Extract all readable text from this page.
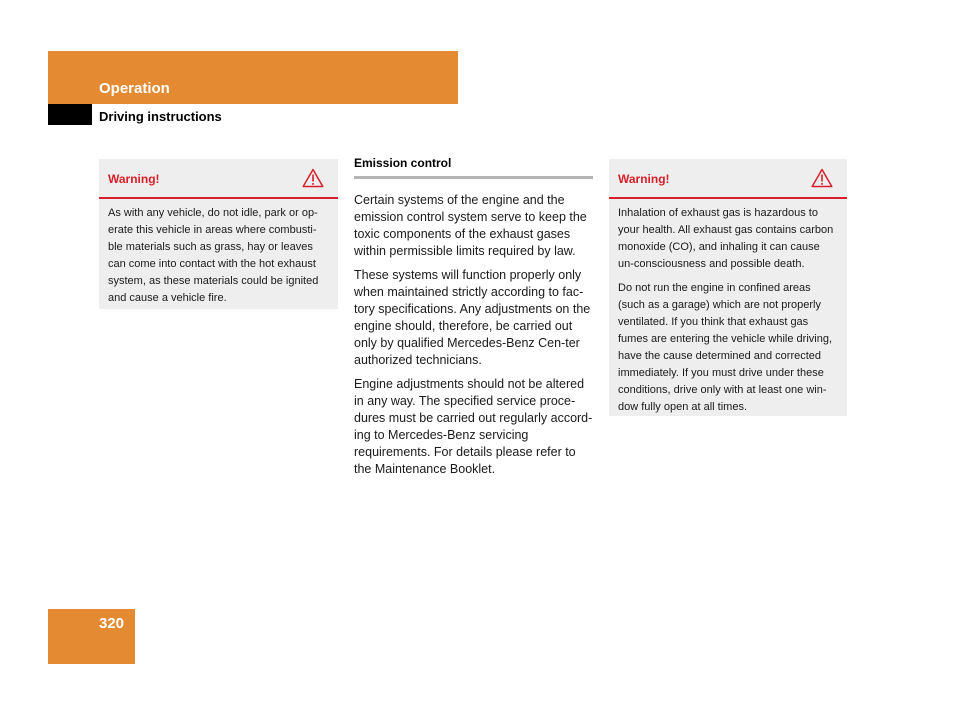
Operation
Driving instructions
Warning!

As with any vehicle, do not idle, park or op-erate this vehicle in areas where combusti-ble materials such as grass, hay or leaves can come into contact with the hot exhaust system, as these materials could be ignited and cause a vehicle fire.

Emission control

Certain systems of the engine and the emission control system serve to keep the toxic components of the exhaust gases within permissible limits required by law.

These systems will function properly only when maintained strictly according to fac-tory specifications. Any adjustments on the engine should, therefore, be carried out only by qualified Mercedes-Benz Cen-ter authorized technicians.

Engine adjustments should not be altered in any way. The specified service proce-dures must be carried out regularly accord-ing to Mercedes-Benz servicing requirements. For details please refer to the Maintenance Booklet.

Warning!

Inhalation of exhaust gas is hazardous to your health. All exhaust gas contains carbon monoxide (CO), and inhaling it can cause un-consciousness and possible death.

Do not run the engine in confined areas (such as a garage) which are not properly ventilated. If you think that exhaust gas fumes are entering the vehicle while driving, have the cause determined and corrected immediately. If you must drive under these conditions, drive only with at least one win-dow fully open at all times.

320
